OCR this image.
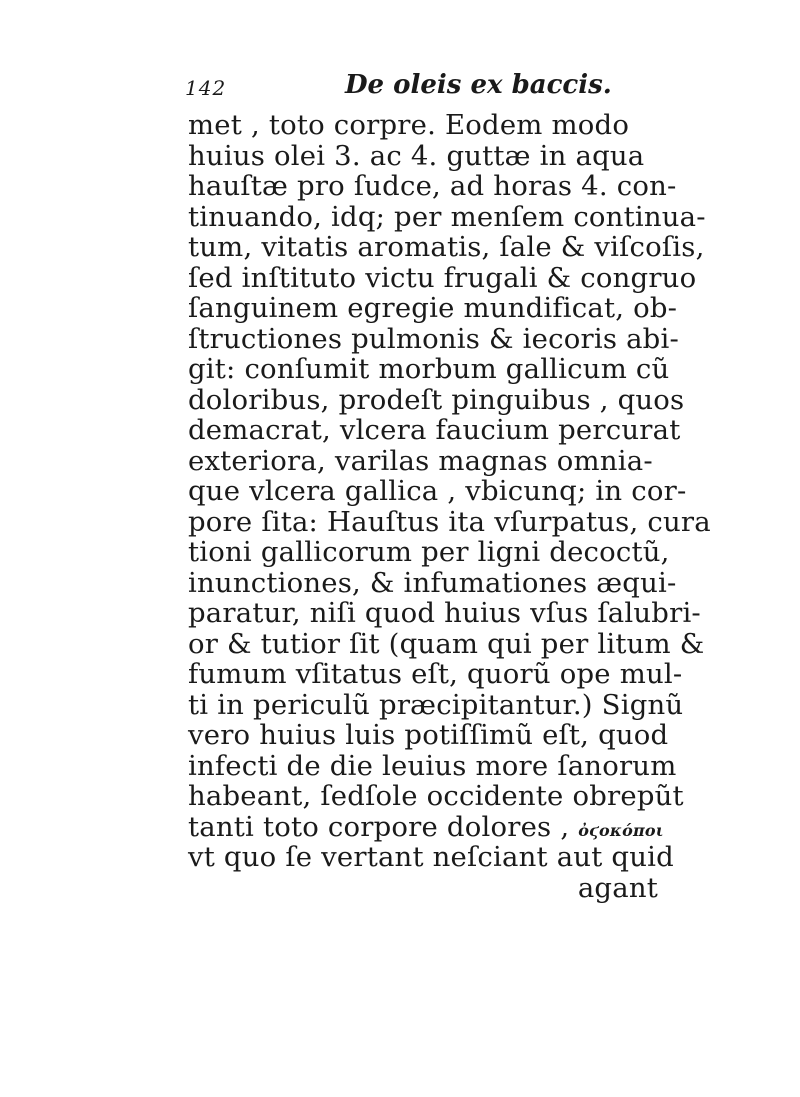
142	De oleis ex baccis.
met , toto corpre. Eodem modo
huius olei 3. ac 4. guttæ in aqua
hauſtæ pro ſudce, ad horas 4. con-
tinuando, idq; per menſem continua-
tum, vitatis aromatis, ſale & viſcoſis,
ſed inſtituto victu frugali & congruo
ſanguinem egregie mundificat, ob-
ſtructiones pulmonis & iecoris abi-
git: conſumit morbum gallicum cũ
doloribus, prodeſt pinguibus , quos
demacrat, vlcera faucium percurat
exteriora, varilas magnas omnia-
que vlcera gallica , vbicunq; in cor-
pore ſita: Hauſtus ita vſurpatus, cura
tioni gallicorum per ligni decoctũ,
inunctiones, & infumationes æqui-
paratur, niſi quod huius vſus ſalubri-
or & tutior ſit (quam qui per litum &
fumum vſitatus eſt, quorũ ope mul-
ti in periculũ præcipitantur.) Signũ
vero huius luis potiſſimũ eſt, quod
infecti de die leuius more ſanorum
habeant, ſedſole occidente obrepũt
tanti toto corpore dolores , ὀϛοκόποι
vt quo ſe vertant neſciant aut quid
agant
